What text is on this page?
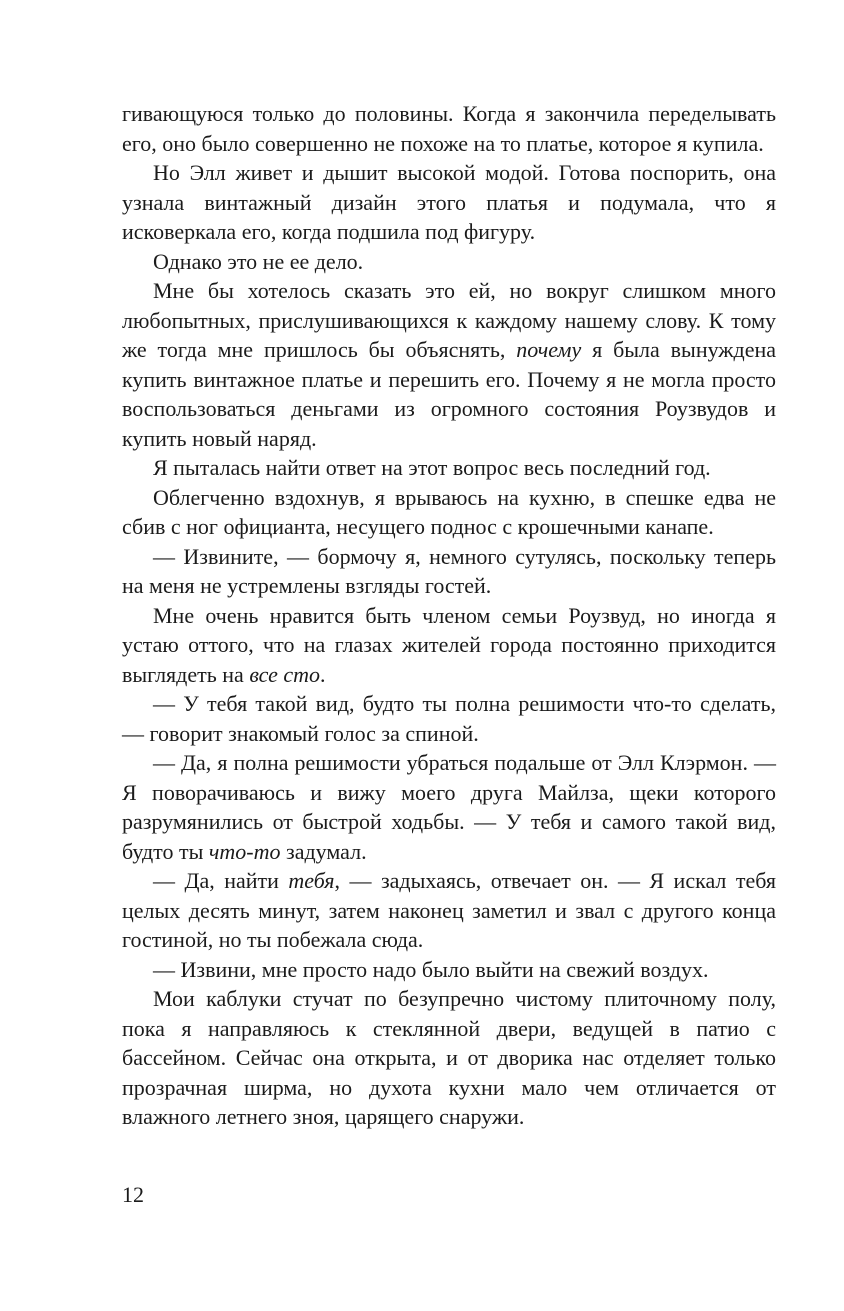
гивающуюся только до половины. Когда я закончила переделывать его, оно было совершенно не похоже на то платье, которое я купила.

Но Элл живет и дышит высокой модой. Готова поспорить, она узнала винтажный дизайн этого платья и подумала, что я исковеркала его, когда подшила под фигуру.

Однако это не ее дело.

Мне бы хотелось сказать это ей, но вокруг слишком много любопытных, прислушивающихся к каждому нашему слову. К тому же тогда мне пришлось бы объяснять, почему я была вынуждена купить винтажное платье и перешить его. Почему я не могла просто воспользоваться деньгами из огромного состояния Роузвудов и купить новый наряд.

Я пыталась найти ответ на этот вопрос весь последний год.

Облегченно вздохнув, я врываюсь на кухню, в спешке едва не сбив с ног официанта, несущего поднос с крошечными канапе.

— Извините, — бормочу я, немного сутулясь, поскольку теперь на меня не устремлены взгляды гостей.

Мне очень нравится быть членом семьи Роузвуд, но иногда я устаю оттого, что на глазах жителей города постоянно приходится выглядеть на все сто.

— У тебя такой вид, будто ты полна решимости что-то сделать, — говорит знакомый голос за спиной.

— Да, я полна решимости убраться подальше от Элл Клэрмон. — Я поворачиваюсь и вижу моего друга Майлза, щеки которого разрумянились от быстрой ходьбы. — У тебя и самого такой вид, будто ты что-то задумал.

— Да, найти тебя, — задыхаясь, отвечает он. — Я искал тебя целых десять минут, затем наконец заметил и звал с другого конца гостиной, но ты побежала сюда.

— Извини, мне просто надо было выйти на свежий воздух.

Мои каблуки стучат по безупречно чистому плиточному полу, пока я направляюсь к стеклянной двери, ведущей в патио с бассейном. Сейчас она открыта, и от дворика нас отделяет только прозрачная ширма, но духота кухни мало чем отличается от влажного летнего зноя, царящего снаружи.

12
